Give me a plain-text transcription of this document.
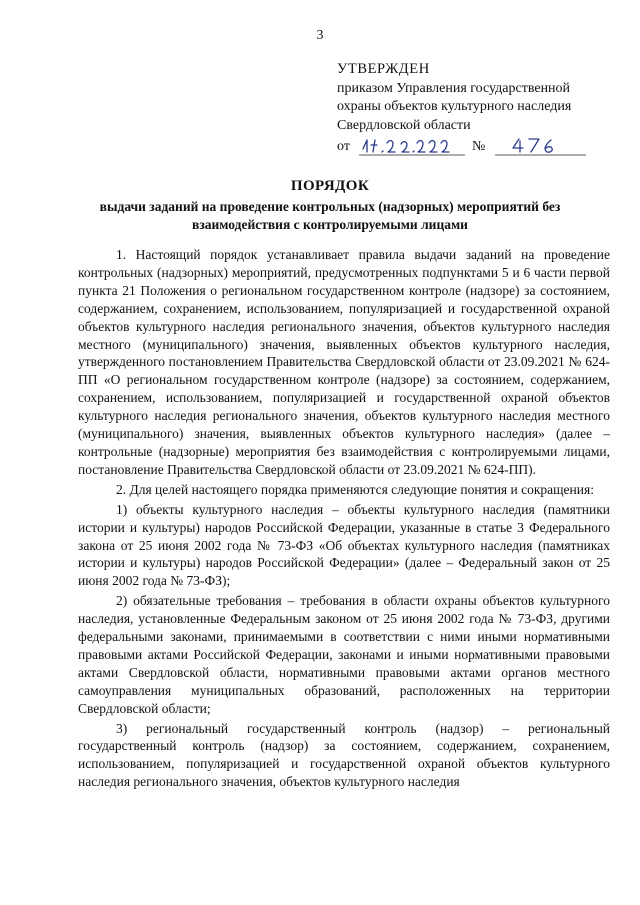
3
УТВЕРЖДЕН
приказом Управления государственной
охраны объектов культурного наследия
Свердловской области
от	№
ПОРЯДОК
выдачи заданий на проведение контрольных (надзорных) мероприятий без взаимодействия с контролируемыми лицами

1. Настоящий порядок устанавливает правила выдачи заданий на проведение контрольных (надзорных) мероприятий, предусмотренных подпунктами 5 и 6 части первой пункта 21 Положения о региональном государственном контроле (надзоре) за состоянием, содержанием, сохранением, использованием, популяризацией и государственной охраной объектов культурного наследия регионального значения, объектов культурного наследия местного (муниципального) значения, выявленных объектов культурного наследия, утвержденного постановлением Правительства Свердловской области от 23.09.2021 № 624-ПП «О региональном государственном контроле (надзоре) за состоянием, содержанием, сохранением, использованием, популяризацией и государственной охраной объектов культурного наследия регионального значения, объектов культурного наследия местного (муниципального) значения, выявленных объектов культурного наследия» (далее – контрольные (надзорные) мероприятия без взаимодействия с контролируемыми лицами, постановление Правительства Свердловской области от 23.09.2021 № 624-ПП).

2. Для целей настоящего порядка применяются следующие понятия и сокращения:

1) объекты культурного наследия – объекты культурного наследия (памятники истории и культуры) народов Российской Федерации, указанные в статье 3 Федерального закона от 25 июня 2002 года № 73-ФЗ «Об объектах культурного наследия (памятниках истории и культуры) народов Российской Федерации» (далее – Федеральный закон от 25 июня 2002 года № 73-ФЗ);

2) обязательные требования – требования в области охраны объектов культурного наследия, установленные Федеральным законом от 25 июня 2002 года № 73-ФЗ, другими федеральными законами, принимаемыми в соответствии с ними иными нормативными правовыми актами Российской Федерации, законами и иными нормативными правовыми актами Свердловской области, нормативными правовыми актами органов местного самоуправления муниципальных образований, расположенных на территории Свердловской области;

3) региональный государственный контроль (надзор) – региональный государственный контроль (надзор) за состоянием, содержанием, сохранением, использованием, популяризацией и государственной охраной объектов культурного наследия регионального значения, объектов культурного наследия
